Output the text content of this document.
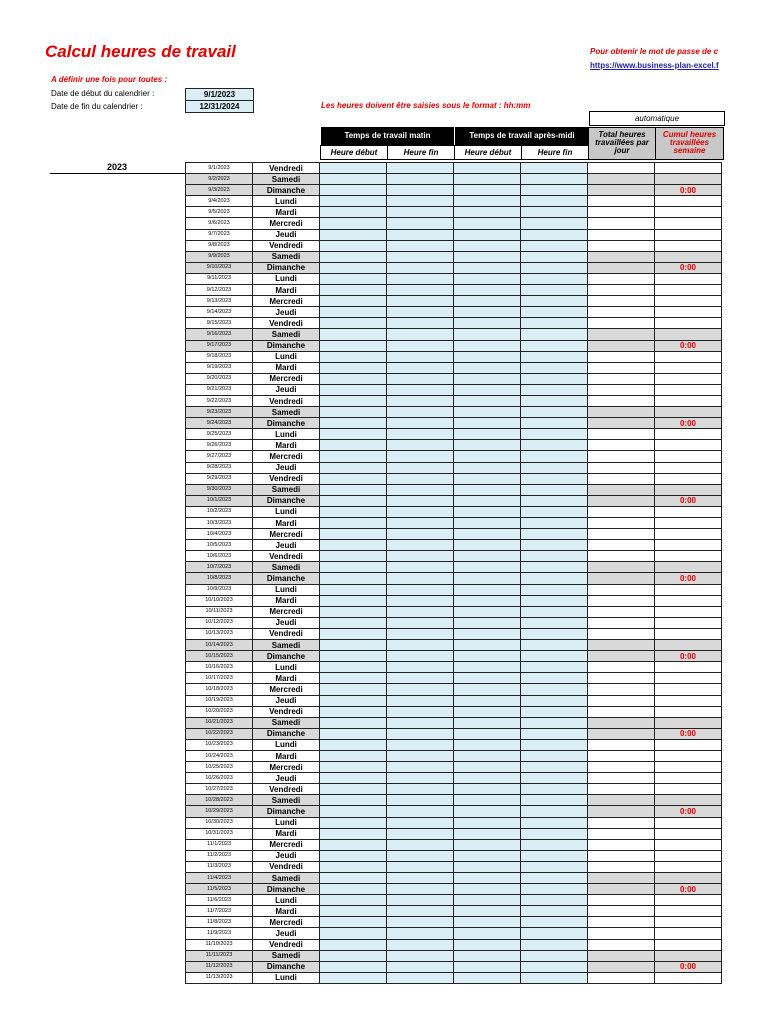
Calcul heures de travail	Pour obtenir le mot de passe de c
https://www.business-plan-excel.f
A définir une fois pour toutes :
Date de début du calendrier :	9/1/2023
Date de fin du calendrier :	12/31/2024	Les heures doivent être saisies sous le format : hh:mm
automatique
Temps de travail matin	Temps de travail après-midi
Heure début	Heure fin	Heure début	Heure fin
Total heures travaillées par jour
Cumul heures travaillées semaine
2023	9/1/2023	Vendredi						
9/2/2023	Samedi						
9/3/2023	Dimanche						0:00
9/4/2023	Lundi						
9/5/2023	Mardi						
9/6/2023	Mercredi						
9/7/2023	Jeudi						
9/8/2023	Vendredi						
9/9/2023	Samedi						
9/10/2023	Dimanche						0:00
9/11/2023	Lundi						
9/12/2023	Mardi						
9/13/2023	Mercredi						
9/14/2023	Jeudi						
9/15/2023	Vendredi						
9/16/2023	Samedi						
9/17/2023	Dimanche						0:00
9/18/2023	Lundi						
9/19/2023	Mardi						
9/20/2023	Mercredi						
9/21/2023	Jeudi						
9/22/2023	Vendredi						
9/23/2023	Samedi						
9/24/2023	Dimanche						0:00
9/25/2023	Lundi						
9/26/2023	Mardi						
9/27/2023	Mercredi						
9/28/2023	Jeudi						
9/29/2023	Vendredi						
9/30/2023	Samedi						
10/1/2023	Dimanche						0:00
10/2/2023	Lundi						
10/3/2023	Mardi						
10/4/2023	Mercredi						
10/5/2023	Jeudi						
10/6/2023	Vendredi						
10/7/2023	Samedi						
10/8/2023	Dimanche						0:00
10/9/2023	Lundi						
10/10/2023	Mardi						
10/11/2023	Mercredi						
10/12/2023	Jeudi						
10/13/2023	Vendredi						
10/14/2023	Samedi						
10/15/2023	Dimanche						0:00
10/16/2023	Lundi						
10/17/2023	Mardi						
10/18/2023	Mercredi						
10/19/2023	Jeudi						
10/20/2023	Vendredi						
10/21/2023	Samedi						
10/22/2023	Dimanche						0:00
10/23/2023	Lundi						
10/24/2023	Mardi						
10/25/2023	Mercredi						
10/26/2023	Jeudi						
10/27/2023	Vendredi						
10/28/2023	Samedi						
10/29/2023	Dimanche						0:00
10/30/2023	Lundi						
10/31/2023	Mardi						
11/1/2023	Mercredi						
11/2/2023	Jeudi						
11/3/2023	Vendredi						
11/4/2023	Samedi						
11/5/2023	Dimanche						0:00
11/6/2023	Lundi						
11/7/2023	Mardi						
11/8/2023	Mercredi						
11/9/2023	Jeudi						
11/10/2023	Vendredi						
11/11/2023	Samedi						
11/12/2023	Dimanche						0:00
11/13/2023	Lundi						
